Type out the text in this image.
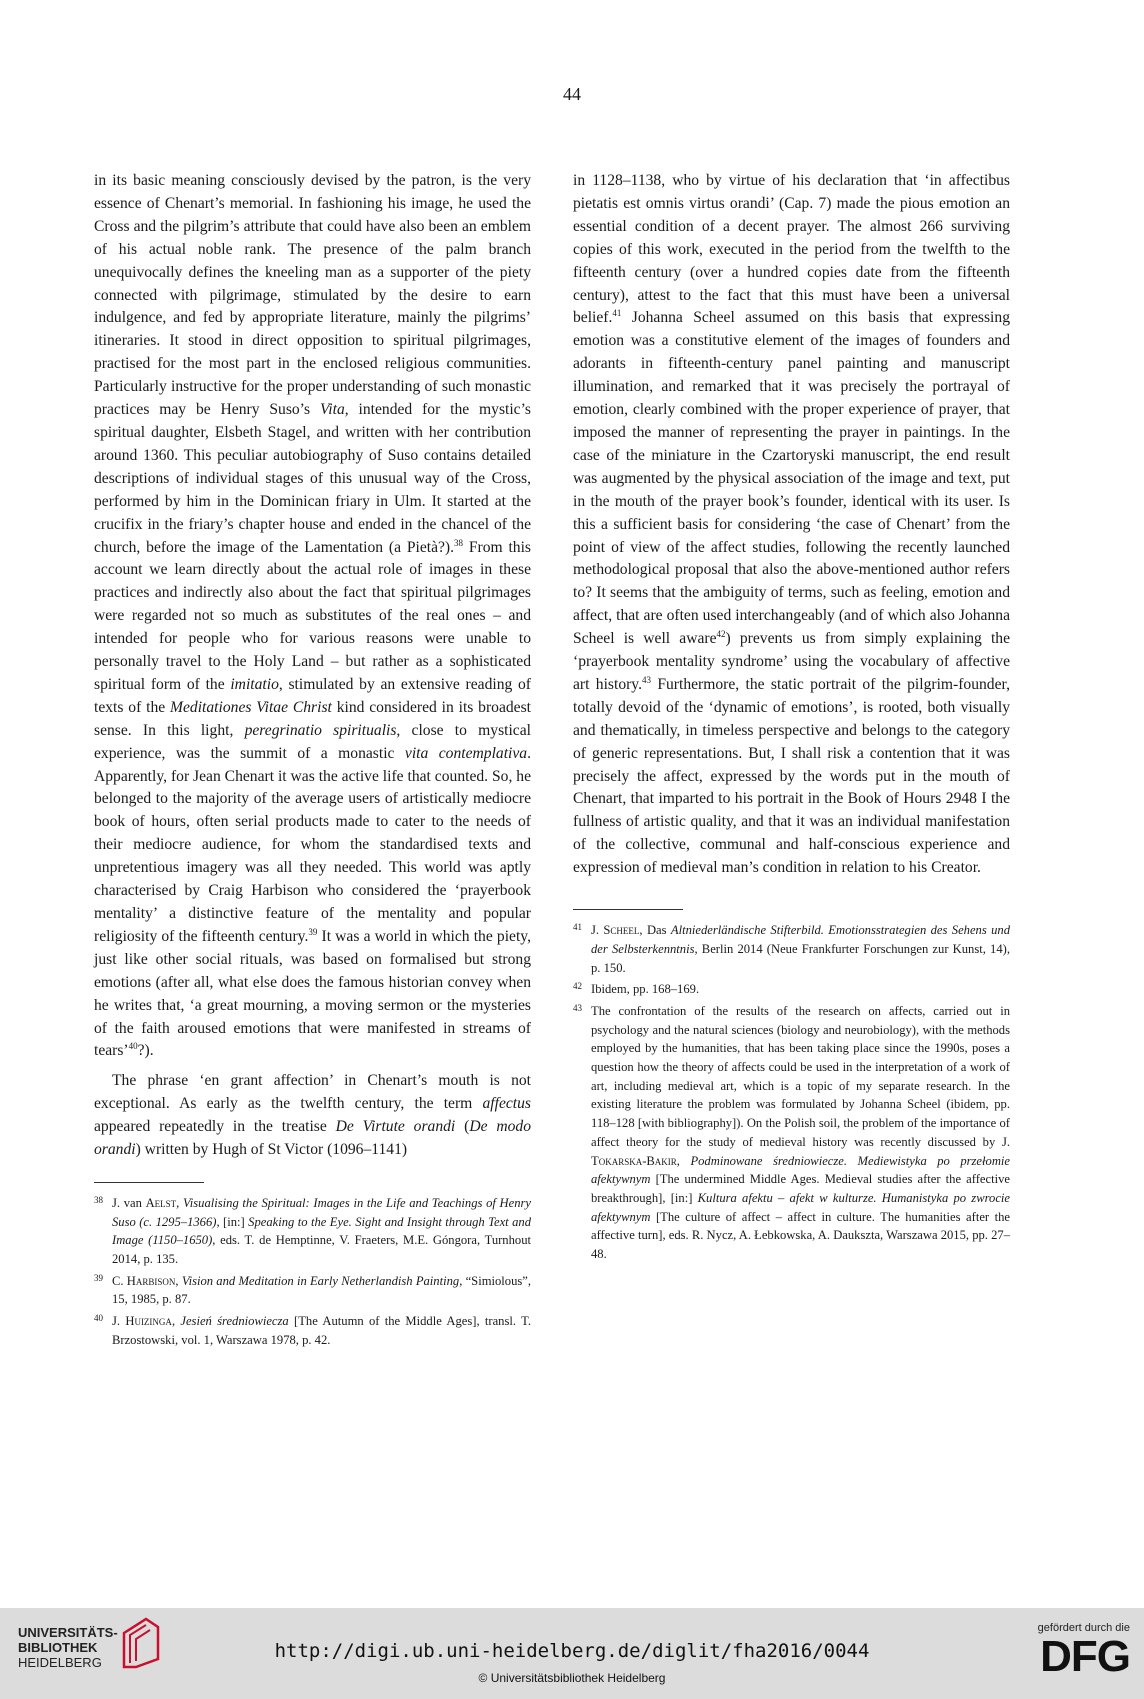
44

in its basic meaning consciously devised by the patron, is the very essence of Chenart’s memorial. In fashioning his image, he used the Cross and the pilgrim’s attribute that could have also been an emblem of his actual noble rank. The presence of the palm branch unequivocally defines the kneeling man as a supporter of the piety connected with pilgrimage, stimulated by the desire to earn indulgence, and fed by appropriate literature, mainly the pilgrims’ itineraries. It stood in direct opposition to spiritual pilgrimages, practised for the most part in the enclosed religious communities. Particularly instructive for the proper understanding of such monastic practices may be Henry Suso’s Vita, intended for the mystic’s spiritual daughter, Elsbeth Stagel, and written with her contribution around 1360. This peculiar autobiography of Suso contains detailed descriptions of individual stages of this unusual way of the Cross, performed by him in the Dominican friary in Ulm. It started at the crucifix in the friary’s chapter house and ended in the chancel of the church, before the image of the Lamentation (a Pietà?).$^{38}$ From this account we learn directly about the actual role of images in these practices and indirectly also about the fact that spiritual pilgrimages were regarded not so much as substitutes of the real ones – and intended for people who for various reasons were unable to personally travel to the Holy Land – but rather as a sophisticated spiritual form of the imitatio, stimulated by an extensive reading of texts of the Meditationes Vitae Christ kind considered in its broadest sense. In this light, peregrinatio spiritualis, close to mystical experience, was the summit of a monastic vita contemplativa. Apparently, for Jean Chenart it was the active life that counted. So, he belonged to the majority of the average users of artistically mediocre book of hours, often serial products made to cater to the needs of their mediocre audience, for whom the standardised texts and unpretentious imagery was all they needed. This world was aptly characterised by Craig Harbison who considered the ‘prayerbook mentality’ a distinctive feature of the mentality and popular religiosity of the fifteenth century.$^{39}$ It was a world in which the piety, just like other social rituals, was based on formalised but strong emotions (after all, what else does the famous historian convey when he writes that, ‘a great mourning, a moving sermon or the mysteries of the faith aroused emotions that were manifested in streams of tears’$^{40}$?).

The phrase ‘en grant affection’ in Chenart’s mouth is not exceptional. As early as the twelfth century, the term affectus appeared repeatedly in the treatise De Virtute orandi (De modo orandi) written by Hugh of St Victor (1096–1141)

38 J. van Aelst, Visualising the Spiritual: Images in the Life and Teachings of Henry Suso (c. 1295–1366), [in:] Speaking to the Eye. Sight and Insight through Text and Image (1150–1650), eds. T. de Hemptinne, V. Fraeters, M.E. Góngora, Turnhout 2014, p. 135.
39 C. Harbison, Vision and Meditation in Early Netherlandish Painting, “Simiolous”, 15, 1985, p. 87.
40 J. Huizinga, Jesień średniowiecza [The Autumn of the Middle Ages], transl. T. Brzostowski, vol. 1, Warszawa 1978, p. 42.

in 1128–1138, who by virtue of his declaration that ‘in affectibus pietatis est omnis virtus orandi’ (Cap. 7) made the pious emotion an essential condition of a decent prayer. The almost 266 surviving copies of this work, executed in the period from the twelfth to the fifteenth century (over a hundred copies date from the fifteenth century), attest to the fact that this must have been a universal belief.$^{41}$ Johanna Scheel assumed on this basis that expressing emotion was a constitutive element of the images of founders and adorants in fifteenth-century panel painting and manuscript illumination, and remarked that it was precisely the portrayal of emotion, clearly combined with the proper experience of prayer, that imposed the manner of representing the prayer in paintings. In the case of the miniature in the Czartoryski manuscript, the end result was augmented by the physical association of the image and text, put in the mouth of the prayer book’s founder, identical with its user. Is this a sufficient basis for considering ‘the case of Chenart’ from the point of view of the affect studies, following the recently launched methodological proposal that also the above-mentioned author refers to? It seems that the ambiguity of terms, such as feeling, emotion and affect, that are often used interchangeably (and of which also Johanna Scheel is well aware$^{42}$) prevents us from simply explaining the ‘prayerbook mentality syndrome’ using the vocabulary of affective art history.$^{43}$ Furthermore, the static portrait of the pilgrim-founder, totally devoid of the ‘dynamic of emotions’, is rooted, both visually and thematically, in timeless perspective and belongs to the category of generic representations. But, I shall risk a contention that it was precisely the affect, expressed by the words put in the mouth of Chenart, that imparted to his portrait in the Book of Hours 2948 I the fullness of artistic quality, and that it was an individual manifestation of the collective, communal and half-conscious experience and expression of medieval man’s condition in relation to his Creator.

41 J. Scheel, Das Altniederländische Stifterbild. Emotionsstrategien des Sehens und der Selbsterkenntnis, Berlin 2014 (Neue Frankfurter Forschungen zur Kunst, 14), p. 150.
42 Ibidem, pp. 168–169.
43 The confrontation of the results of the research on affects, carried out in psychology and the natural sciences (biology and neurobiology), with the methods employed by the humanities, that has been taking place since the 1990s, poses a question how the theory of affects could be used in the interpretation of a work of art, including medieval art, which is a topic of my separate research. In the existing literature the problem was formulated by Johanna Scheel (ibidem, pp. 118–128 [with bibliography]). On the Polish soil, the problem of the importance of affect theory for the study of medieval history was recently discussed by J. Tokarska-Bakir, Podminowane średniowiecze. Mediewistyka po przełomie afektywnym [The undermined Middle Ages. Medieval studies after the affective breakthrough], [in:] Kultura afektu – afekt w kulturze. Humanistyka po zwrocie afektywnym [The culture of affect – affect in culture. The humanities after the affective turn], eds. R. Nycz, A. Łebkowska, A. Daukszta, Warszawa 2015, pp. 27–48.
UNIVERSITÄTS-
BIBLIOTHEK
HEIDELBERG
http://digi.ub.uni-heidelberg.de/diglit/fha2016/0044
© Universitätsbibliothek Heidelberg
gefördert durch die
DFG
